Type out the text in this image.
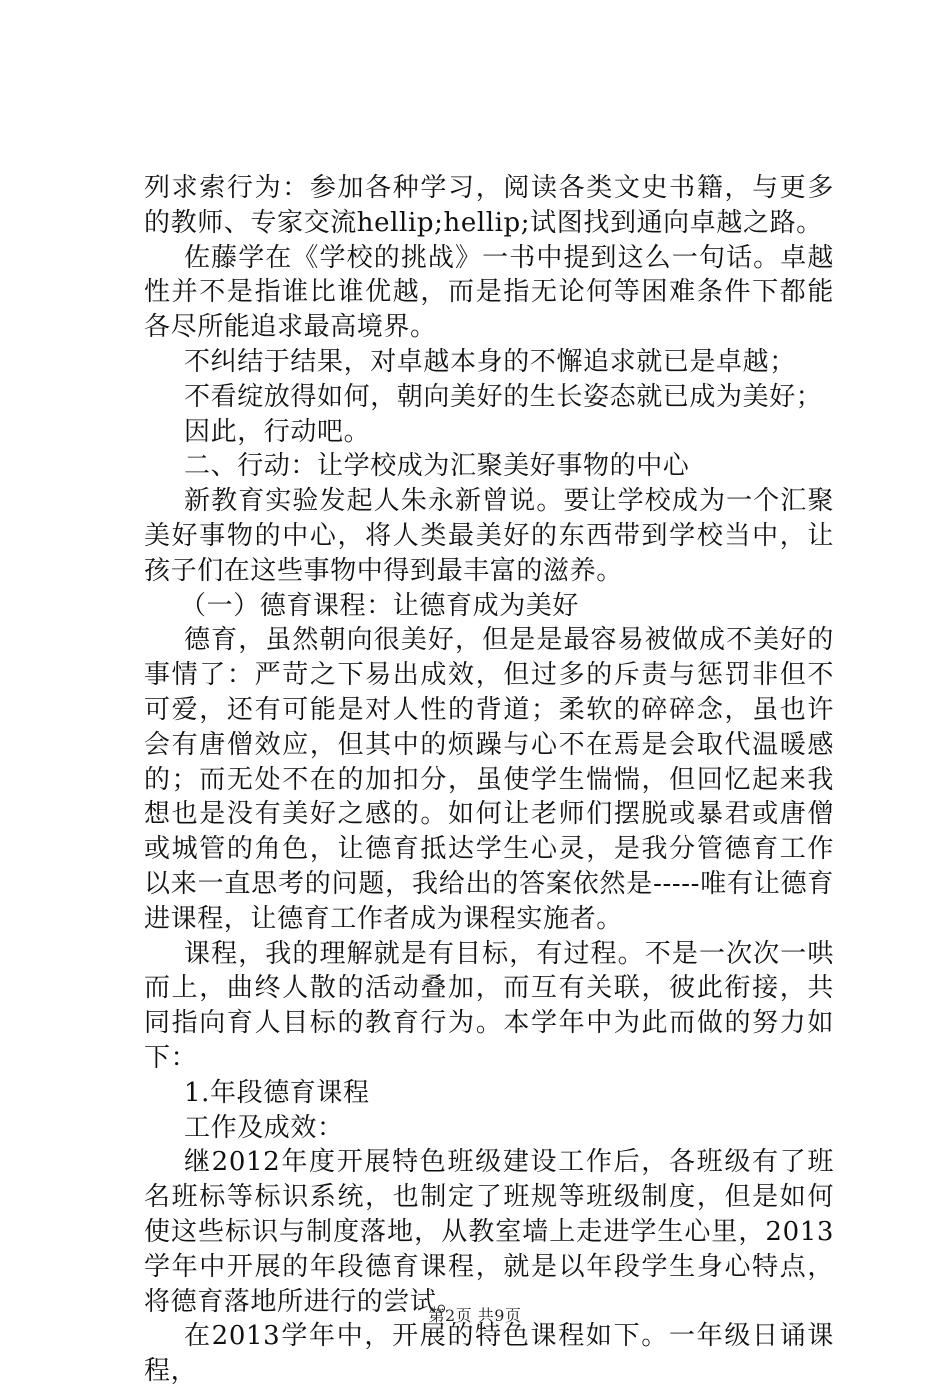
列求索行为：参加各种学习，阅读各类文史书籍，与更多的教师、专家交流hellip;hellip;试图找到通向卓越之路。

佐藤学在《学校的挑战》一书中提到这么一句话。卓越性并不是指谁比谁优越，而是指无论何等困难条件下都能各尽所能追求最高境界。

不纠结于结果，对卓越本身的不懈追求就已是卓越；

不看绽放得如何，朝向美好的生长姿态就已成为美好；

因此，行动吧。

二、行动：让学校成为汇聚美好事物的中心

新教育实验发起人朱永新曾说。要让学校成为一个汇聚美好事物的中心，将人类最美好的东西带到学校当中，让孩子们在这些事物中得到最丰富的滋养。

（一）德育课程：让德育成为美好

德育，虽然朝向很美好，但是是最容易被做成不美好的事情了：严苛之下易出成效，但过多的斥责与惩罚非但不可爱，还有可能是对人性的背道；柔软的碎碎念，虽也许会有唐僧效应，但其中的烦躁与心不在焉是会取代温暖感的；而无处不在的加扣分，虽使学生惴惴，但回忆起来我想也是没有美好之感的。如何让老师们摆脱或暴君或唐僧或城管的角色，让德育抵达学生心灵，是我分管德育工作以来一直思考的问题，我给出的答案依然是-----唯有让德育进课程，让德育工作者成为课程实施者。

课程，我的理解就是有目标，有过程。不是一次次一哄而上，曲终人散的活动叠加，而互有关联，彼此衔接，共同指向育人目标的教育行为。本学年中为此而做的努力如下：

1.年段德育课程

工作及成效：

继2012年度开展特色班级建设工作后，各班级有了班名班标等标识系统，也制定了班规等班级制度，但是如何使这些标识与制度落地，从教室墙上走进学生心里，2013学年中开展的年段德育课程，就是以年段学生身心特点，将德育落地所进行的尝试。

在2013学年中，开展的特色课程如下。一年级日诵课程，

第2页 共9页
